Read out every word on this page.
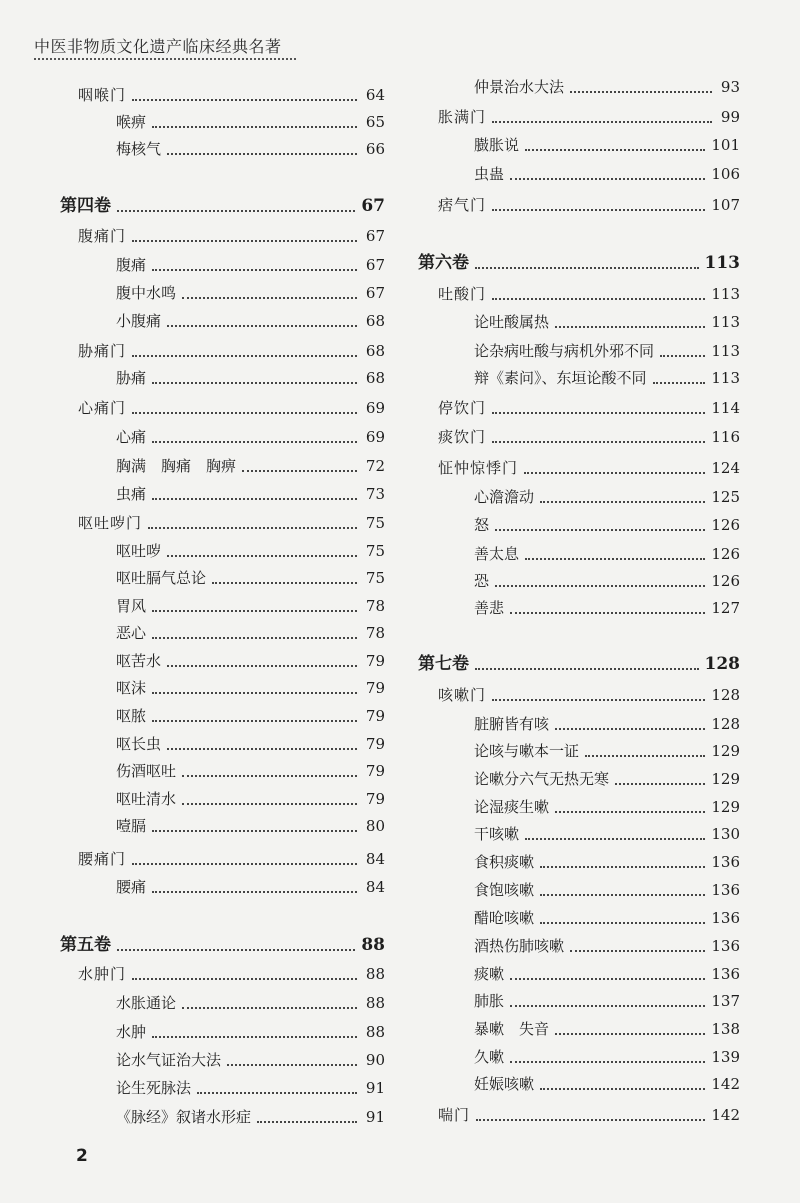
中医非物质文化遗产临床经典名著
咽喉门	64
喉痹	65
梅核气	66
第四卷	67
腹痛门	67
腹痛	67
腹中水鸣	67
小腹痛	68
胁痛门	68
胁痛	68
心痛门	69
心痛	69
胸满　胸痛　胸痹	72
虫痛	73
呕吐哕门	75
呕吐哕	75
呕吐膈气总论	75
胃风	78
恶心	78
呕苦水	79
呕沫	79
呕脓	79
呕长虫	79
伤酒呕吐	79
呕吐清水	79
噎膈	80
腰痛门	84
腰痛	84
第五卷	88
水肿门	88
水胀通论	88
水肿	88
论水气证治大法	90
论生死脉法	91
《脉经》叙诸水形症	91
仲景治水大法	93
胀满门	99
臌胀说	101
虫蛊	106
痞气门	107
第六卷	113
吐酸门	113
论吐酸属热	113
论杂病吐酸与病机外邪不同	113
辩《素问》、东垣论酸不同	113
停饮门	114
痰饮门	116
怔忡惊悸门	124
心澹澹动	125
怒	126
善太息	126
恐	126
善悲	127
第七卷	128
咳嗽门	128
脏腑皆有咳	128
论咳与嗽本一证	129
论嗽分六气无热无寒	129
论湿痰生嗽	129
干咳嗽	130
食积痰嗽	136
食饱咳嗽	136
醋呛咳嗽	136
酒热伤肺咳嗽	136
痰嗽	136
肺胀	137
暴嗽　失音	138
久嗽	139
妊娠咳嗽	142
喘门	142
2
